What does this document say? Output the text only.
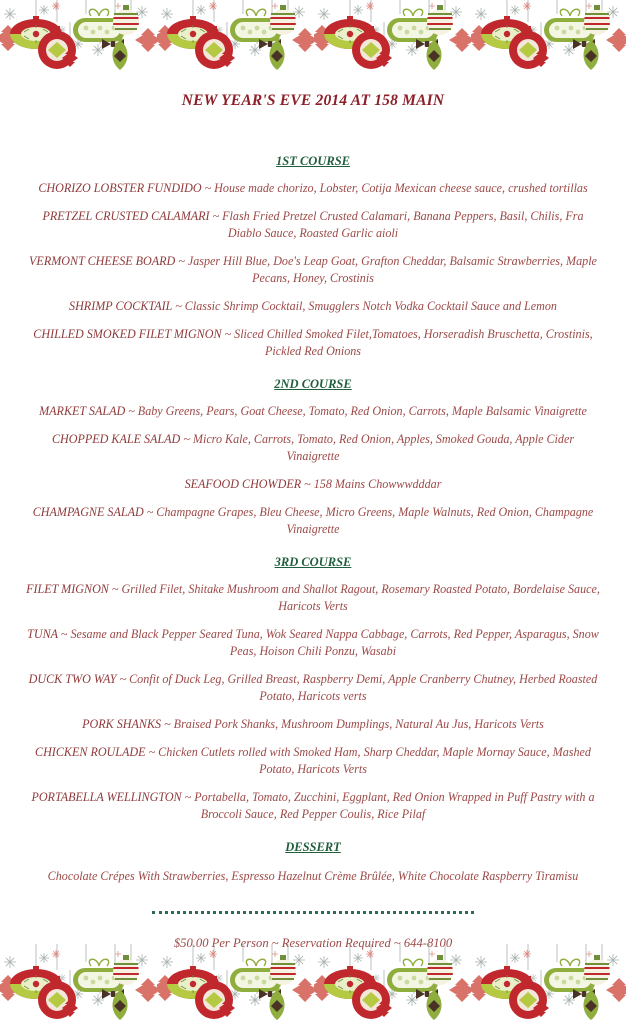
NEW YEAR'S EVE 2014 AT 158 MAIN
1ST COURSE

CHORIZO LOBSTER FUNDIDO ~ House made chorizo, Lobster, Cotija Mexican cheese sauce, crushed tortillas

PRETZEL CRUSTED CALAMARI ~ Flash Fried Pretzel Crusted Calamari, Banana Peppers, Basil, Chilis, Fra Diablo Sauce, Roasted Garlic aioli

VERMONT CHEESE BOARD ~ Jasper Hill Blue, Doe's Leap Goat, Grafton Cheddar, Balsamic Strawberries, Maple Pecans, Honey, Crostinis

SHRIMP COCKTAIL ~ Classic Shrimp Cocktail, Smugglers Notch Vodka Cocktail Sauce and Lemon

CHILLED SMOKED FILET MIGNON ~ Sliced Chilled Smoked Filet,Tomatoes, Horseradish Bruschetta, Crostinis, Pickled Red Onions

2ND COURSE

MARKET SALAD ~ Baby Greens, Pears, Goat Cheese, Tomato, Red Onion, Carrots, Maple Balsamic Vinaigrette

CHOPPED KALE SALAD ~ Micro Kale, Carrots, Tomato, Red Onion, Apples, Smoked Gouda, Apple Cider Vinaigrette

SEAFOOD CHOWDER ~ 158 Mains Chowwwdddar

CHAMPAGNE SALAD ~ Champagne Grapes, Bleu Cheese, Micro Greens, Maple Walnuts, Red Onion, Champagne Vinaigrette

3RD COURSE

FILET MIGNON ~ Grilled Filet, Shitake Mushroom and Shallot Ragout, Rosemary Roasted Potato, Bordelaise Sauce, Haricots Verts

TUNA ~ Sesame and Black Pepper Seared Tuna, Wok Seared Nappa Cabbage, Carrots, Red Pepper, Asparagus, Snow Peas, Hoison Chili Ponzu, Wasabi

DUCK TWO WAY ~ Confit of Duck Leg, Grilled Breast, Raspberry Demi, Apple Cranberry Chutney, Herbed Roasted Potato, Haricots verts

PORK SHANKS ~ Braised Pork Shanks, Mushroom Dumplings, Natural Au Jus, Haricots Verts

CHICKEN ROULADE ~ Chicken Cutlets rolled with Smoked Ham, Sharp Cheddar, Maple Mornay Sauce, Mashed Potato, Haricots Verts

PORTABELLA WELLINGTON ~ Portabella, Tomato, Zucchini, Eggplant, Red Onion Wrapped in Puff Pastry with a Broccoli Sauce, Red Pepper Coulis, Rice Pilaf

DESSERT

Chocolate Crépes With Strawberries, Espresso Hazelnut Crème Brûlée, White Chocolate Raspberry Tiramisu

$50.00 Per Person ~ Reservation Required ~ 644-8100
